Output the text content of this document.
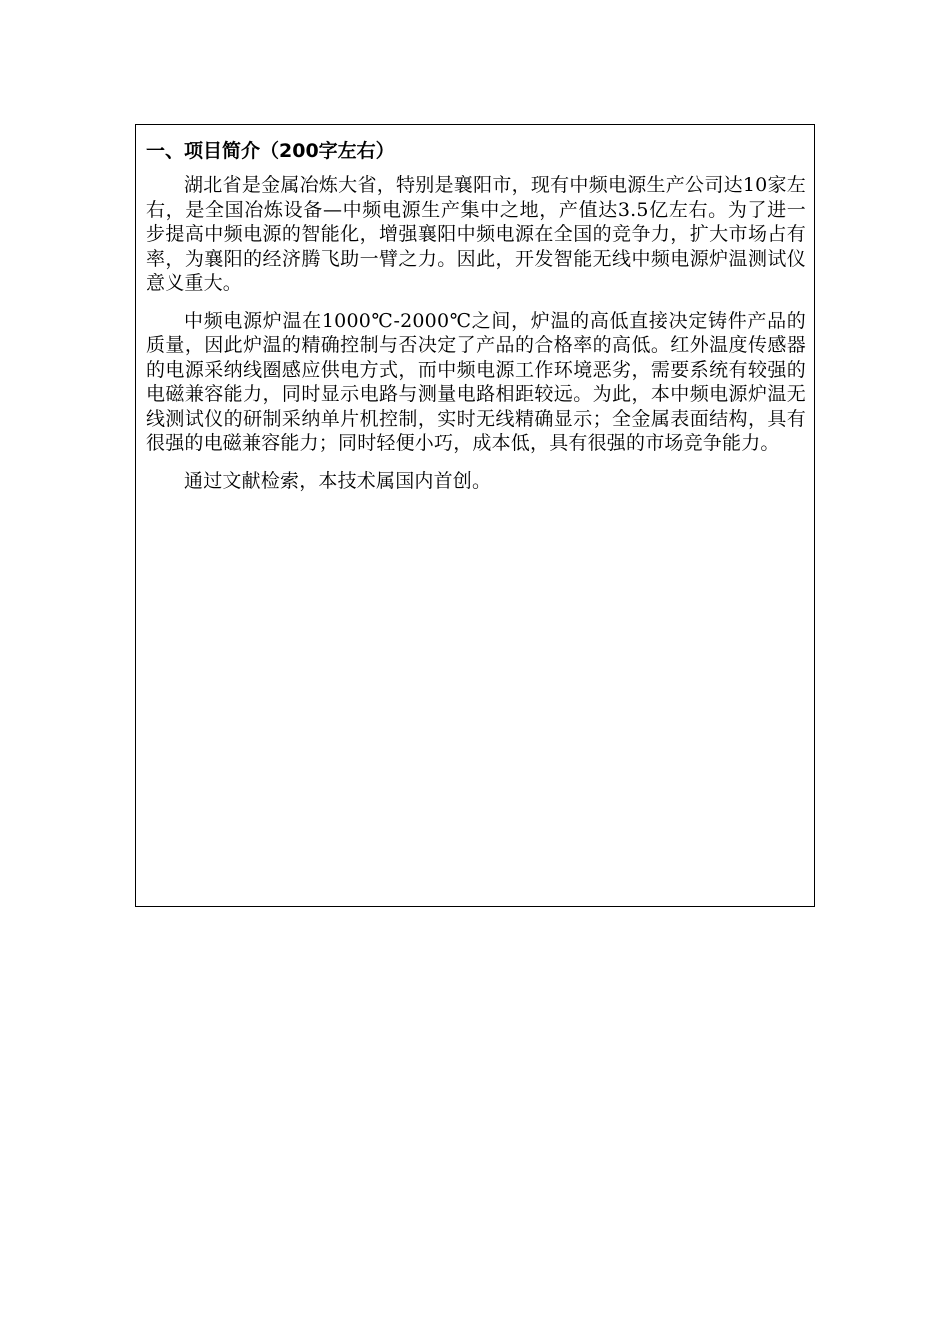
一、项目简介（200字左右）

湖北省是金属冶炼大省，特别是襄阳市，现有中频电源生产公司达10家左右，是全国冶炼设备—中频电源生产集中之地，产值达3.5亿左右。为了进一步提高中频电源的智能化，增强襄阳中频电源在全国的竞争力，扩大市场占有率，为襄阳的经济腾飞助一臂之力。因此，开发智能无线中频电源炉温测试仪意义重大。

中频电源炉温在1000℃-2000℃之间，炉温的高低直接决定铸件产品的质量，因此炉温的精确控制与否决定了产品的合格率的高低。红外温度传感器的电源采纳线圈感应供电方式，而中频电源工作环境恶劣，需要系统有较强的电磁兼容能力，同时显示电路与测量电路相距较远。为此，本中频电源炉温无线测试仪的研制采纳单片机控制，实时无线精确显示；全金属表面结构，具有很强的电磁兼容能力；同时轻便小巧，成本低，具有很强的市场竞争能力。

通过文献检索，本技术属国内首创。
